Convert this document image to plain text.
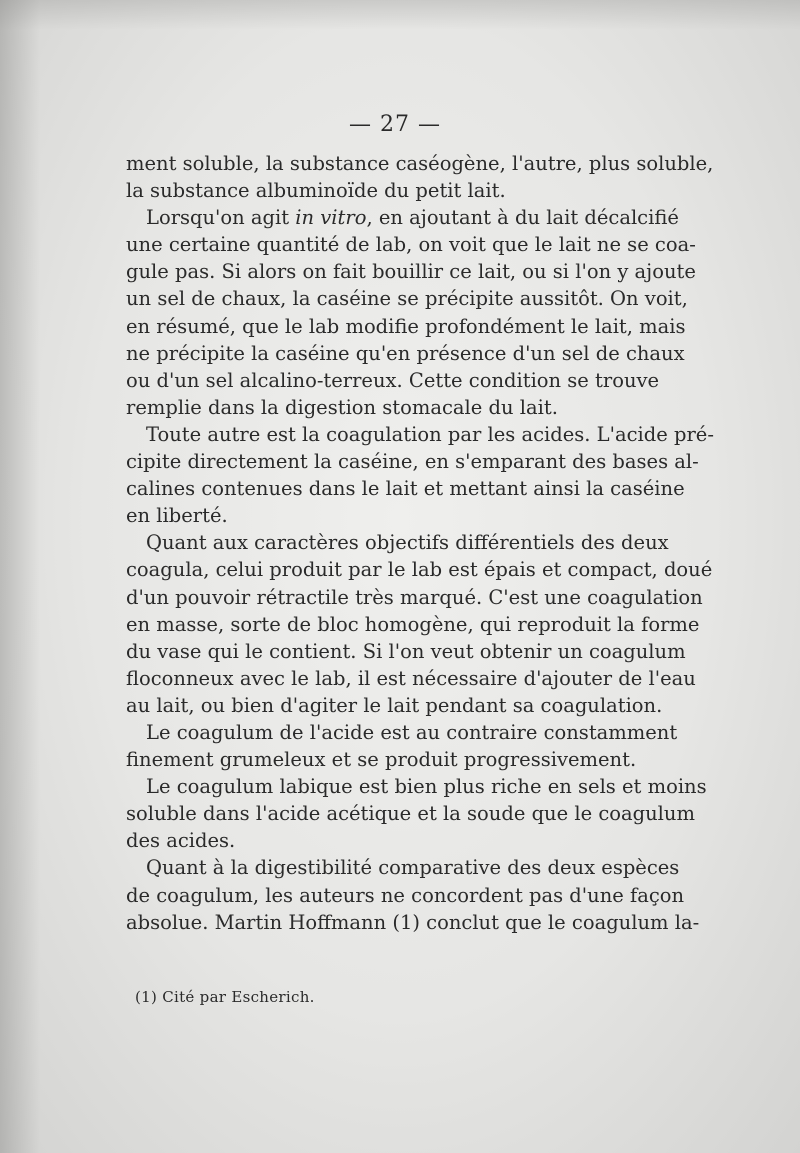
— 27 —
ment soluble, la substance caséogène, l'autre, plus soluble,
la substance albuminoïde du petit lait.
Lorsqu'on agit in vitro, en ajoutant à du lait décalcifié
une certaine quantité de lab, on voit que le lait ne se coa-
gule pas. Si alors on fait bouillir ce lait, ou si l'on y ajoute
un sel de chaux, la caséine se précipite aussitôt. On voit,
en résumé, que le lab modifie profondément le lait, mais
ne précipite la caséine qu'en présence d'un sel de chaux
ou d'un sel alcalino-terreux. Cette condition se trouve
remplie dans la digestion stomacale du lait.
Toute autre est la coagulation par les acides. L'acide pré-
cipite directement la caséine, en s'emparant des bases al-
calines contenues dans le lait et mettant ainsi la caséine
en liberté.
Quant aux caractères objectifs différentiels des deux
coagula, celui produit par le lab est épais et compact, doué
d'un pouvoir rétractile très marqué. C'est une coagulation
en masse, sorte de bloc homogène, qui reproduit la forme
du vase qui le contient. Si l'on veut obtenir un coagulum
floconneux avec le lab, il est nécessaire d'ajouter de l'eau
au lait, ou bien d'agiter le lait pendant sa coagulation.
Le coagulum de l'acide est au contraire constamment
finement grumeleux et se produit progressivement.
Le coagulum labique est bien plus riche en sels et moins
soluble dans l'acide acétique et la soude que le coagulum
des acides.
Quant à la digestibilité comparative des deux espèces
de coagulum, les auteurs ne concordent pas d'une façon
absolue. Martin Hoffmann (1) conclut que le coagulum la-
(1) Cité par Escherich.
